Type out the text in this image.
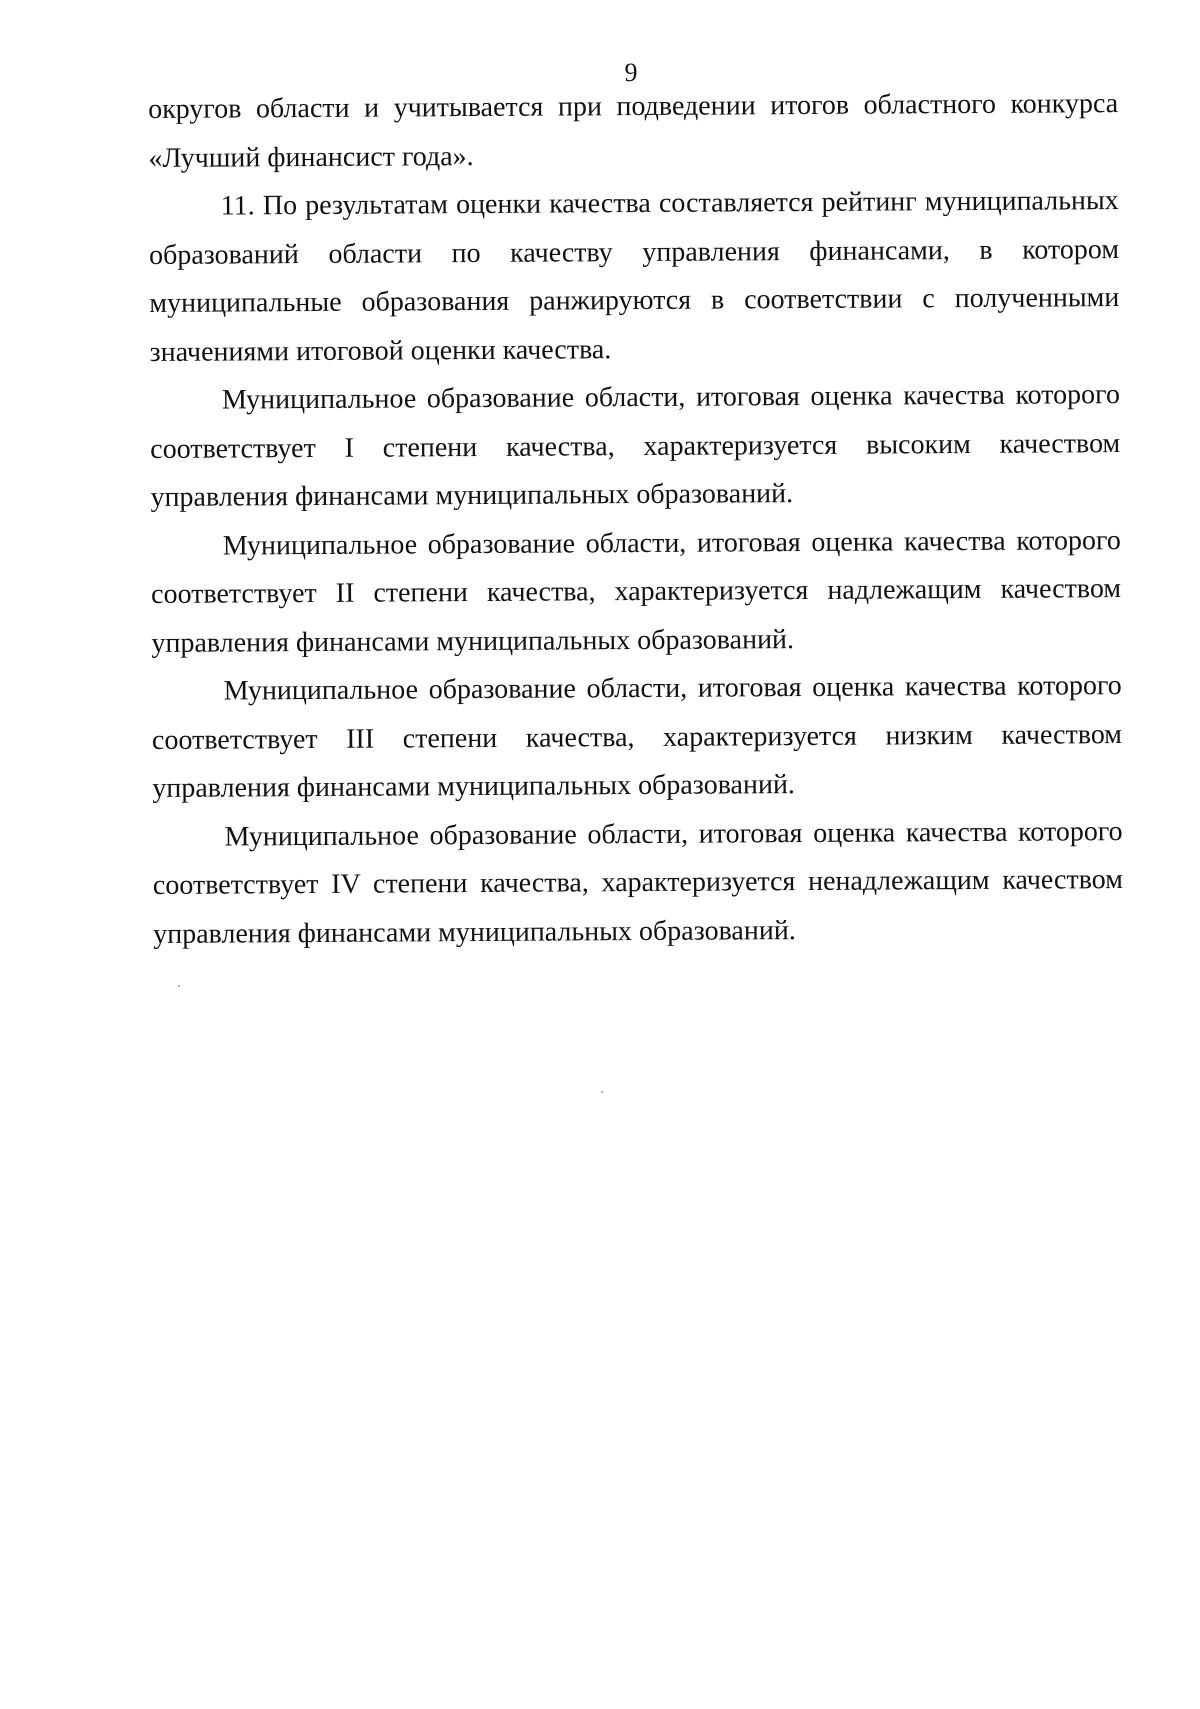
9

округов области и учитывается при подведении итогов областного конкурса «Лучший финансист года».

11. По результатам оценки качества составляется рейтинг муниципальных образований области по качеству управления финансами, в котором муниципальные образования ранжируются в соответствии с полученными значениями итоговой оценки качества.

Муниципальное образование области, итоговая оценка качества которого соответствует I степени качества, характеризуется высоким качеством управления финансами муниципальных образований.

Муниципальное образование области, итоговая оценка качества которого соответствует II степени качества, характеризуется надлежащим качеством управления финансами муниципальных образований.

Муниципальное образование области, итоговая оценка качества которого соответствует III степени качества, характеризуется низким качеством управления финансами муниципальных образований.

Муниципальное образование области, итоговая оценка качества которого соответствует IV степени качества, характеризуется ненадлежащим качеством управления финансами муниципальных образований.
